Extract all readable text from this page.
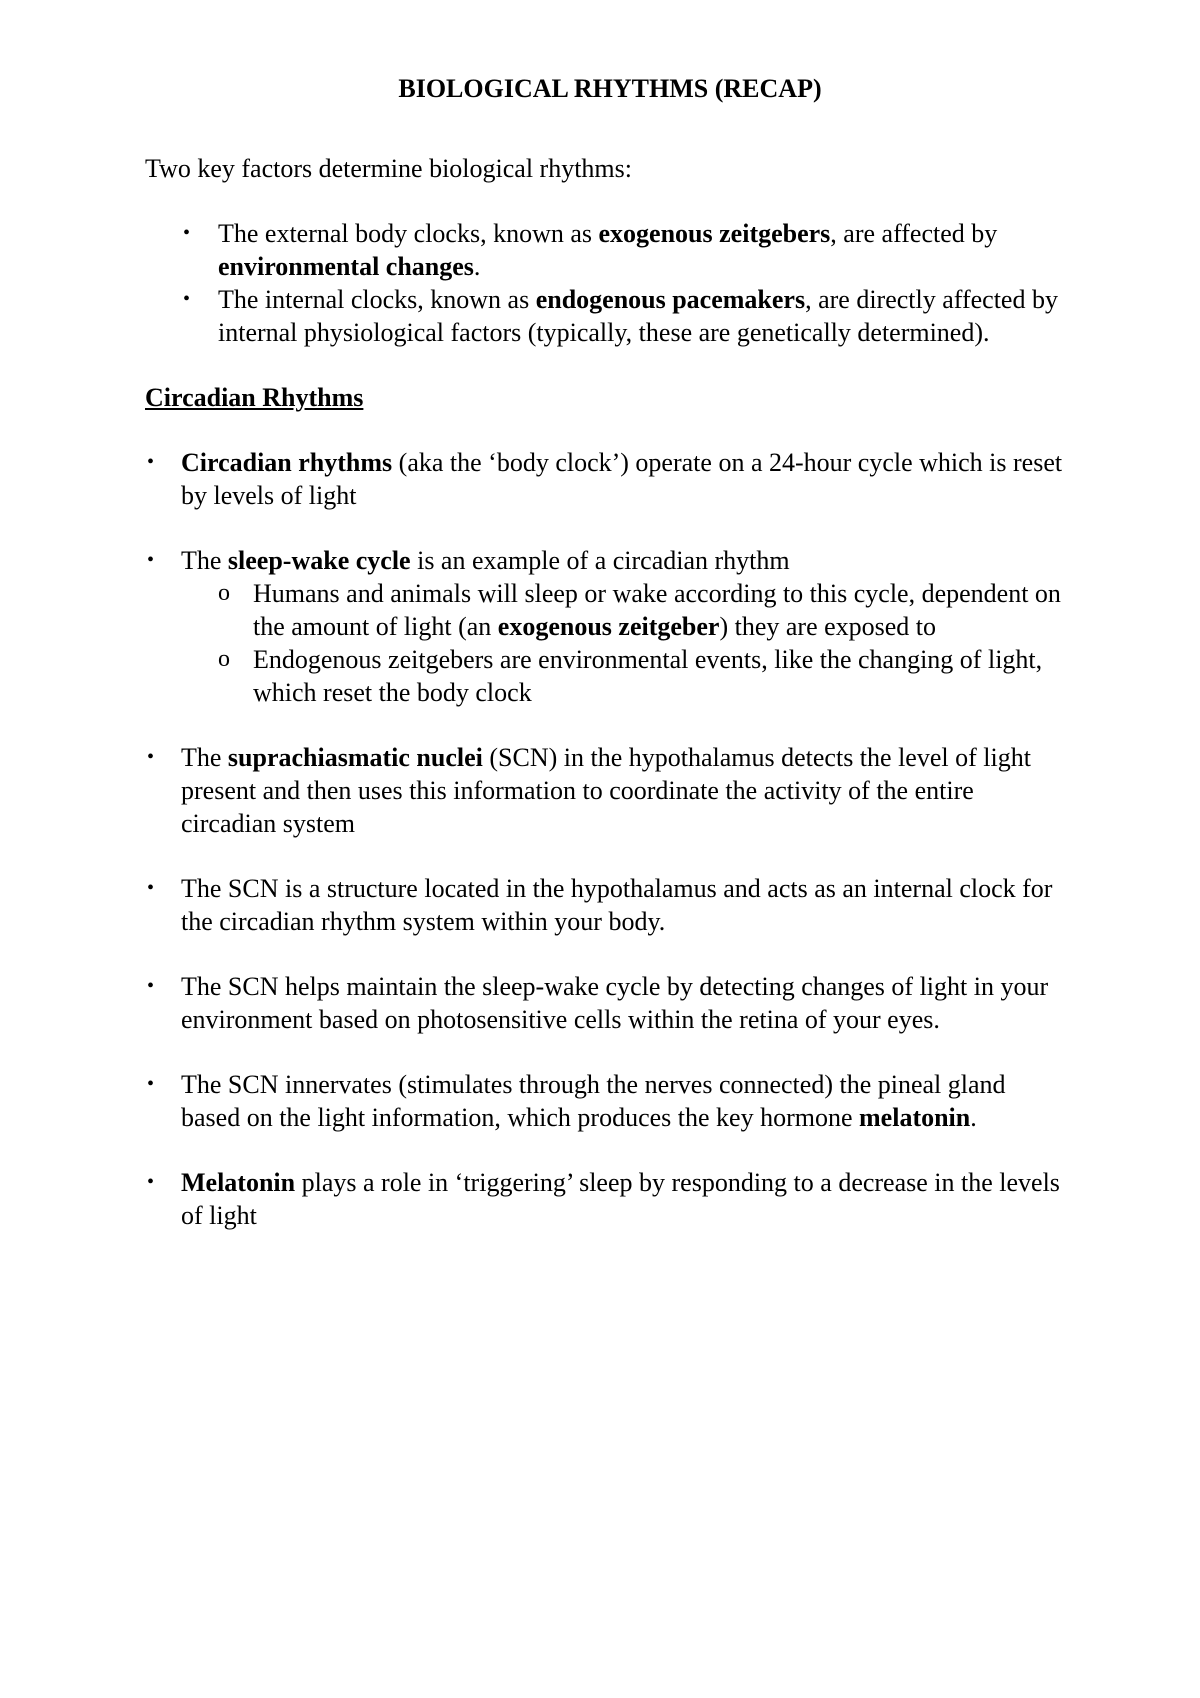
BIOLOGICAL RHYTHMS (RECAP)

Two key factors determine biological rhythms:

• The external body clocks, known as exogenous zeitgebers, are affected by environmental changes.
• The internal clocks, known as endogenous pacemakers, are directly affected by internal physiological factors (typically, these are genetically determined).

Circadian Rhythms

• Circadian rhythms (aka the ‘body clock’) operate on a 24-hour cycle which is reset by levels of light
• The sleep-wake cycle is an example of a circadian rhythm
o Humans and animals will sleep or wake according to this cycle, dependent on the amount of light (an exogenous zeitgeber) they are exposed to
o Endogenous zeitgebers are environmental events, like the changing of light, which reset the body clock
• The suprachiasmatic nuclei (SCN) in the hypothalamus detects the level of light present and then uses this information to coordinate the activity of the entire circadian system
• The SCN is a structure located in the hypothalamus and acts as an internal clock for the circadian rhythm system within your body.
• The SCN helps maintain the sleep-wake cycle by detecting changes of light in your environment based on photosensitive cells within the retina of your eyes.
• The SCN innervates (stimulates through the nerves connected) the pineal gland based on the light information, which produces the key hormone melatonin.
• Melatonin plays a role in ‘triggering’ sleep by responding to a decrease in the levels of light
